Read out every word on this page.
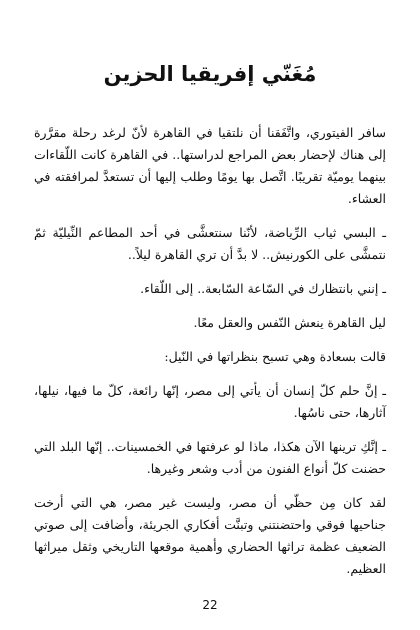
مُغَنّي إفريقيا الحزين

سافر الفيتوري، واتَّفَقنا أن نلتقيا في القاهرة لأنّ لرغد رحلة مقرَّرة إلى هناك لإحضار بعض المراجع لدراستها.. في القاهرة كانت اللّقاءات بينهما يوميّة تقريبًا. اتَّصل بها يومًا وطلب إليها أن تستعدَّ لمرافقته في العشاء.

ـ البسي ثياب الرِّياضة، لأنّنا سنتعشَّى في أحد المطاعم النِّيليّة ثمّ نتمشَّى على الكورنيش.. لا بدَّ أن تري القاهرة ليلاً..

ـ إنني بانتظارك في السّاعة السّابعة.. إلى اللّقاء.

ليل القاهرة ينعش النّفس والعقل معًا.

قالت بسعادة وهي تسبح بنظراتها في النّيل:

ـ إنَّ حلم كلّ إنسان أن يأتي إلى مصر، إنّها رائعة، كلّ ما فيها، نيلها، آثارها، حتى ناسُها.

ـ إنَّكِ ترينها الآن هكذا، ماذا لو عرفتها في الخمسينات.. إنّها البلد التي حضنت كلّ أنواع الفنون من أدب وشعر وغيرها.

لقد كان مِن حظّي أن مصر، وليست غير مصر، هي التي أرخت جناحيها فوقي واحتضنتني وتبنَّت أفكاري الجريئة، وأضافت إلى صوتي الضعيف عظمة تراثها الحضاري وأهمية موقعها التاريخي وثقل ميراثها العظيم.

22
